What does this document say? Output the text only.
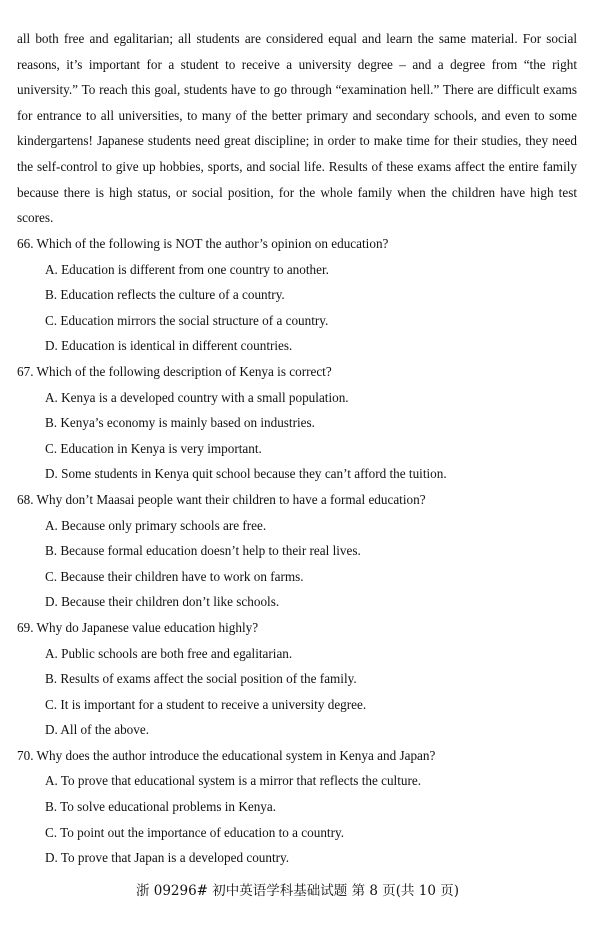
all both free and egalitarian; all students are considered equal and learn the same material. For social reasons, it’s important for a student to receive a university degree – and a degree from “the right university.” To reach this goal, students have to go through “examination hell.” There are difficult exams for entrance to all universities, to many of the better primary and secondary schools, and even to some kindergartens! Japanese students need great discipline; in order to make time for their studies, they need the self-control to give up hobbies, sports, and social life. Results of these exams affect the entire family because there is high status, or social position, for the whole family when the children have high test scores.

66. Which of the following is NOT the author’s opinion on education?
A. Education is different from one country to another.
B. Education reflects the culture of a country.
C. Education mirrors the social structure of a country.
D. Education is identical in different countries.
67. Which of the following description of Kenya is correct?
A. Kenya is a developed country with a small population.
B. Kenya’s economy is mainly based on industries.
C. Education in Kenya is very important.
D. Some students in Kenya quit school because they can’t afford the tuition.
68. Why don’t Maasai people want their children to have a formal education?
A. Because only primary schools are free.
B. Because formal education doesn’t help to their real lives.
C. Because their children have to work on farms.
D. Because their children don’t like schools.
69. Why do Japanese value education highly?
A. Public schools are both free and egalitarian.
B. Results of exams affect the social position of the family.
C. It is important for a student to receive a university degree.
D. All of the above.
70. Why does the author introduce the educational system in Kenya and Japan?
A. To prove that educational system is a mirror that reflects the culture.
B. To solve educational problems in Kenya.
C. To point out the importance of education to a country.
D. To prove that Japan is a developed country.
浙 09296# 初中英语学科基础试题 第 8 页(共 10 页)
